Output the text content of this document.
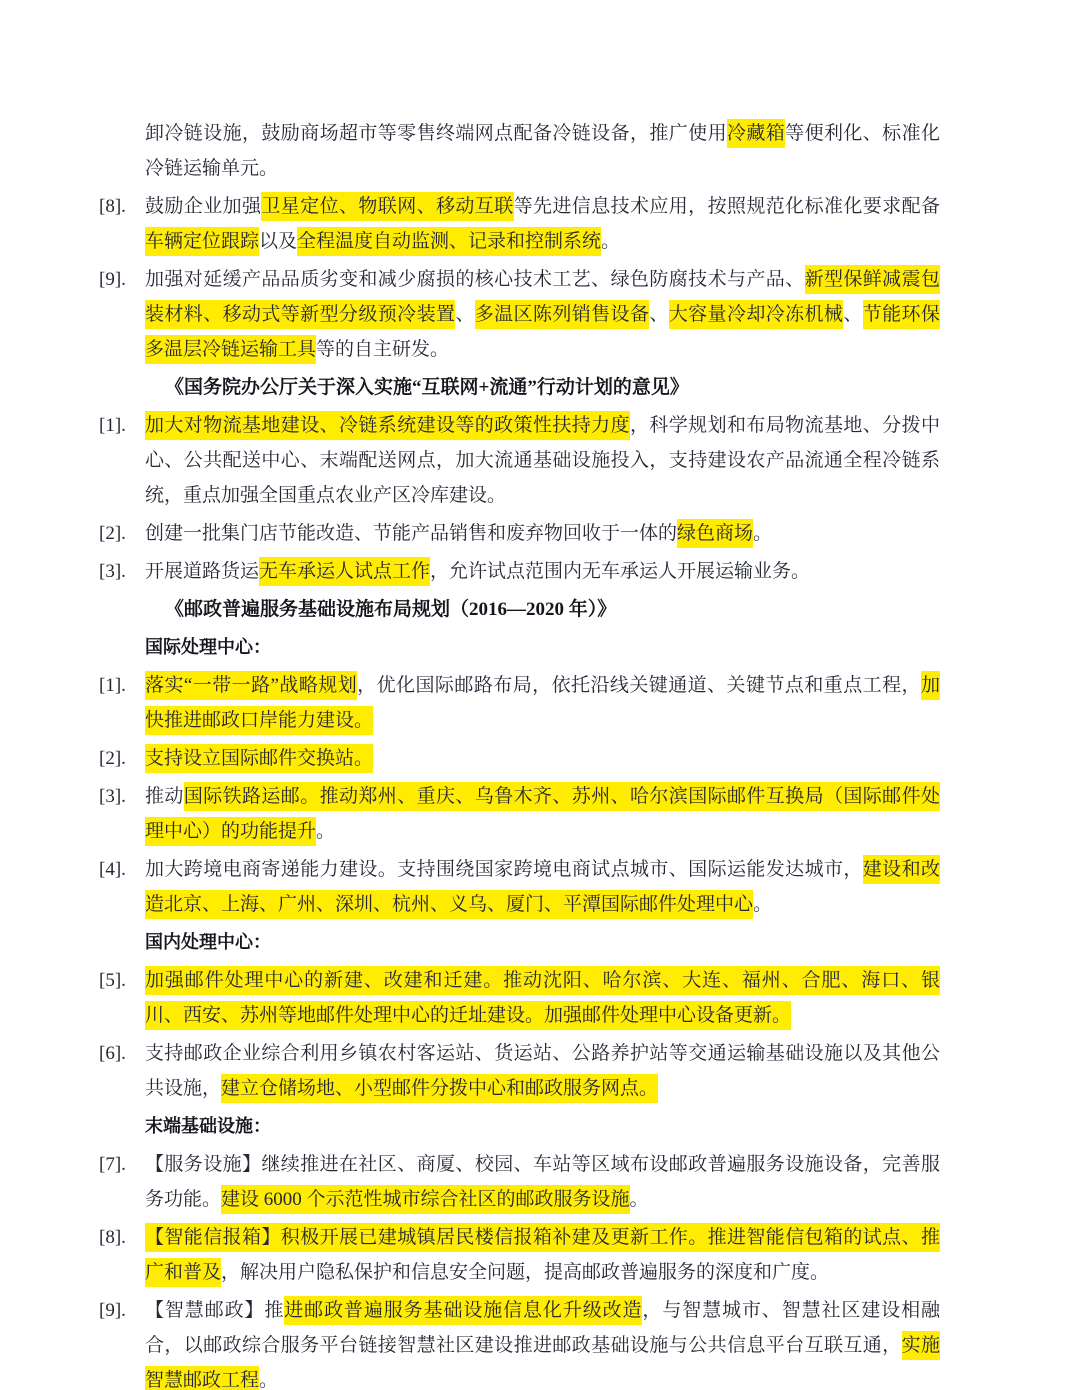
卸冷链设施，鼓励商场超市等零售终端网点配备冷链设备，推广使用冷藏箱等便利化、标准化冷链运输单元。
[8]. 鼓励企业加强卫星定位、物联网、移动互联等先进信息技术应用，按照规范化标准化要求配备车辆定位跟踪以及全程温度自动监测、记录和控制系统。
[9]. 加强对延缓产品品质劣变和减少腐损的核心技术工艺、绿色防腐技术与产品、新型保鲜减震包装材料、移动式等新型分级预冷装置、多温区陈列销售设备、大容量冷却冷冻机械、节能环保多温层冷链运输工具等的自主研发。
《国务院办公厅关于深入实施“互联网+流通”行动计划的意见》
[1]. 加大对物流基地建设、冷链系统建设等的政策性扶持力度，科学规划和布局物流基地、分拨中心、公共配送中心、末端配送网点，加大流通基础设施投入，支持建设农产品流通全程冷链系统，重点加强全国重点农业产区冷库建设。
[2]. 创建一批集门店节能改造、节能产品销售和废弃物回收于一体的绿色商场。
[3]. 开展道路货运无车承运人试点工作，允许试点范围内无车承运人开展运输业务。
《邮政普遍服务基础设施布局规划（2016—2020 年）》
国际处理中心：
[1]. 落实“一带一路”战略规划，优化国际邮路布局，依托沿线关键通道、关键节点和重点工程，加快推进邮政口岸能力建设。
[2]. 支持设立国际邮件交换站。
[3]. 推动国际铁路运邮。推动郑州、重庆、乌鲁木齐、苏州、哈尔滨国际邮件互换局（国际邮件处理中心）的功能提升。
[4]. 加大跨境电商寄递能力建设。支持围绕国家跨境电商试点城市、国际运能发达城市，建设和改造北京、上海、广州、深圳、杭州、义乌、厦门、平潭国际邮件处理中心。
国内处理中心：
[5]. 加强邮件处理中心的新建、改建和迁建。推动沈阳、哈尔滨、大连、福州、合肥、海口、银川、西安、苏州等地邮件处理中心的迁址建设。加强邮件处理中心设备更新。
[6]. 支持邮政企业综合利用乡镇农村客运站、货运站、公路养护站等交通运输基础设施以及其他公共设施，建立仓储场地、小型邮件分拨中心和邮政服务网点。
末端基础设施：
[7]. 【服务设施】继续推进在社区、商厦、校园、车站等区域布设邮政普遍服务设施设备，完善服务功能。建设 6000 个示范性城市综合社区的邮政服务设施。
[8]. 【智能信报箱】积极开展已建城镇居民楼信报箱补建及更新工作。推进智能信包箱的试点、推广和普及，解决用户隐私保护和信息安全问题，提高邮政普遍服务的深度和广度。
[9]. 【智慧邮政】推进邮政普遍服务基础设施信息化升级改造，与智慧城市、智慧社区建设相融合，以邮政综合服务平台链接智慧社区建设推进邮政基础设施与公共信息平台互联互通，实施智慧邮政工程。
